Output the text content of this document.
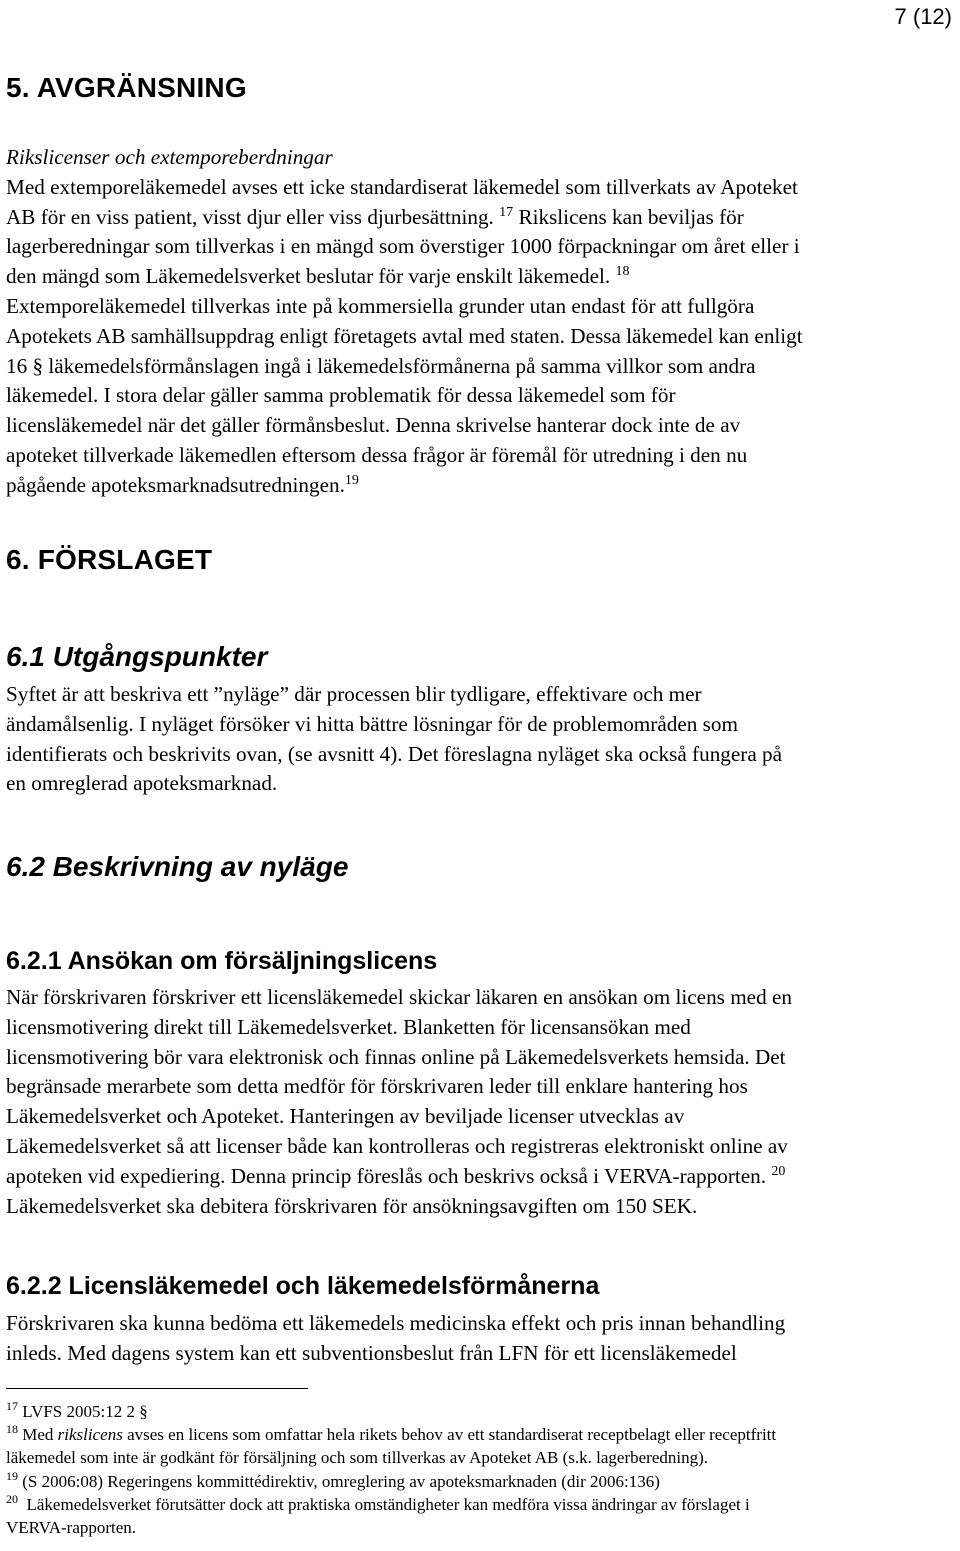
7 (12)
5. AVGRÄNSNING
Rikslicenser och extemporeberdningar
Med extemporeläkemedel avses ett icke standardiserat läkemedel som tillverkats av Apoteket
AB för en viss patient, visst djur eller viss djurbesättning. $^{17}$ Rikslicens kan beviljas för
lagerberedningar som tillverkas i en mängd som överstiger 1000 förpackningar om året eller i
den mängd som Läkemedelsverket beslutar för varje enskilt läkemedel. $^{18}$
Extemporeläkemedel tillverkas inte på kommersiella grunder utan endast för att fullgöra
Apotekets AB samhällsuppdrag enligt företagets avtal med staten. Dessa läkemedel kan enligt
16 § läkemedelsförmånslagen ingå i läkemedelsförmånerna på samma villkor som andra
läkemedel. I stora delar gäller samma problematik för dessa läkemedel som för
licensläkemedel när det gäller förmånsbeslut. Denna skrivelse hanterar dock inte de av
apoteket tillverkade läkemedlen eftersom dessa frågor är föremål för utredning i den nu
pågående apoteksmarknadsutredningen.$^{19}$
6. FÖRSLAGET
6.1 Utgångspunkter
Syftet är att beskriva ett ”nyläge” där processen blir tydligare, effektivare och mer
ändamålsenlig. I nyläget försöker vi hitta bättre lösningar för de problemområden som
identifierats och beskrivits ovan, (se avsnitt 4). Det föreslagna nyläget ska också fungera på
en omreglerad apoteksmarknad.
6.2 Beskrivning av nyläge
6.2.1 Ansökan om försäljningslicens
När förskrivaren förskriver ett licensläkemedel skickar läkaren en ansökan om licens med en
licensmotivering direkt till Läkemedelsverket. Blanketten för licensansökan med
licensmotivering bör vara elektronisk och finnas online på Läkemedelsverkets hemsida. Det
begränsade merarbete som detta medför för förskrivaren leder till enklare hantering hos
Läkemedelsverket och Apoteket. Hanteringen av beviljade licenser utvecklas av
Läkemedelsverket så att licenser både kan kontrolleras och registreras elektroniskt online av
apoteken vid expediering. Denna princip föreslås och beskrivs också i VERVA-rapporten. $^{20}$
Läkemedelsverket ska debitera förskrivaren för ansökningsavgiften om 150 SEK.
6.2.2 Licensläkemedel och läkemedelsförmånerna
Förskrivaren ska kunna bedöma ett läkemedels medicinska effekt och pris innan behandling
inleds. Med dagens system kan ett subventionsbeslut från LFN för ett licensläkemedel
$^{17}$ LVFS 2005:12 2 §
$^{18}$ Med rikslicens avses en licens som omfattar hela rikets behov av ett standardiserat receptbelagt eller receptfritt
läkemedel som inte är godkänt för försäljning och som tillverkas av Apoteket AB (s.k. lagerberedning).
$^{19}$ (S 2006:08) Regeringens kommittédirektiv, omreglering av apoteksmarknaden (dir 2006:136)
$^{20}$ Läkemedelsverket förutsätter dock att praktiska omständigheter kan medföra vissa ändringar av förslaget i
VERVA-rapporten.
